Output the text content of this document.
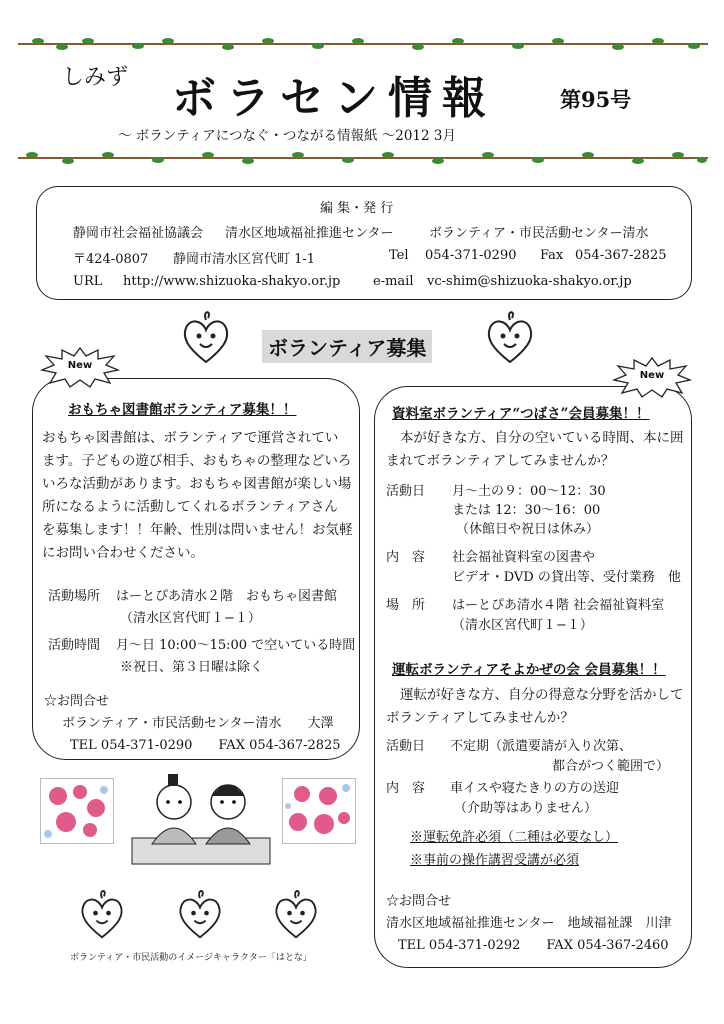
しみず ボラセン情報	第95号
～ ボランティアにつなぐ・つながる情報紙 ～2012 3月
編 集・発 行
静岡市社会福祉協議会 清水区地域福祉推進センター	ボランティア・市民活動センター清水
〒424-0807 静岡市清水区宮代町 1-1	Tel 054-371-0290 Fax 054-367-2825
URL http://www.shizuoka-shakyo.or.jp	e-mail vc-shim@shizuoka-shakyo.or.jp
ボランティア募集
New
おもちゃ図書館ボランティア募集！！
おもちゃ図書館は、ボランティアで運営されてい
ます。子どもの遊び相手、おもちゃの整理などいろ
いろな活動があります。おもちゃ図書館が楽しい場
所になるように活動してくれるボランティアさん
を募集します！！年齢、性別は問いません！お気軽
にお問い合わせください。
活動場所 はーとぴあ清水２階　おもちゃ図書館
（清水区宮代町１−１）
活動時間 月〜日 10:00〜15:00 で空いている時間
※祝日、第３日曜は除く
☆お問合せ
ボランティア・市民活動センター清水　　大澤
TEL 054-371-0290　　FAX 054-367-2825
New
資料室ボランティア“つばさ”会員募集！！
本が好きな方、自分の空いている時間、本に囲
まれてボランティアしてみませんか？
活動日 月〜土の９：00〜12：30
または 12：30〜16：00
（休館日や祝日は休み）
内　容 社会福祉資料室の図書や
ビデオ・DVD の貸出等、受付業務　他
場　所 はーとぴあ清水４階 社会福祉資料室
（清水区宮代町１−１）
運転ボランティアそよかぜの会 会員募集！！
運転が好きな方、自分の得意な分野を活かして
ボランティアしてみませんか？
活動日 不定期（派遣要請が入り次第、
都合がつく範囲で）
内　容 車イスや寝たきりの方の送迎
（介助等はありません）
※運転免許必須（二種は必要なし）
※事前の操作講習受講が必須
☆お問合せ
清水区地域福祉推進センター　地域福祉課　川津
TEL 054-371-0292　　FAX 054-367-2460
ボランティア・市民活動のイメージキャラクター「はとな」
